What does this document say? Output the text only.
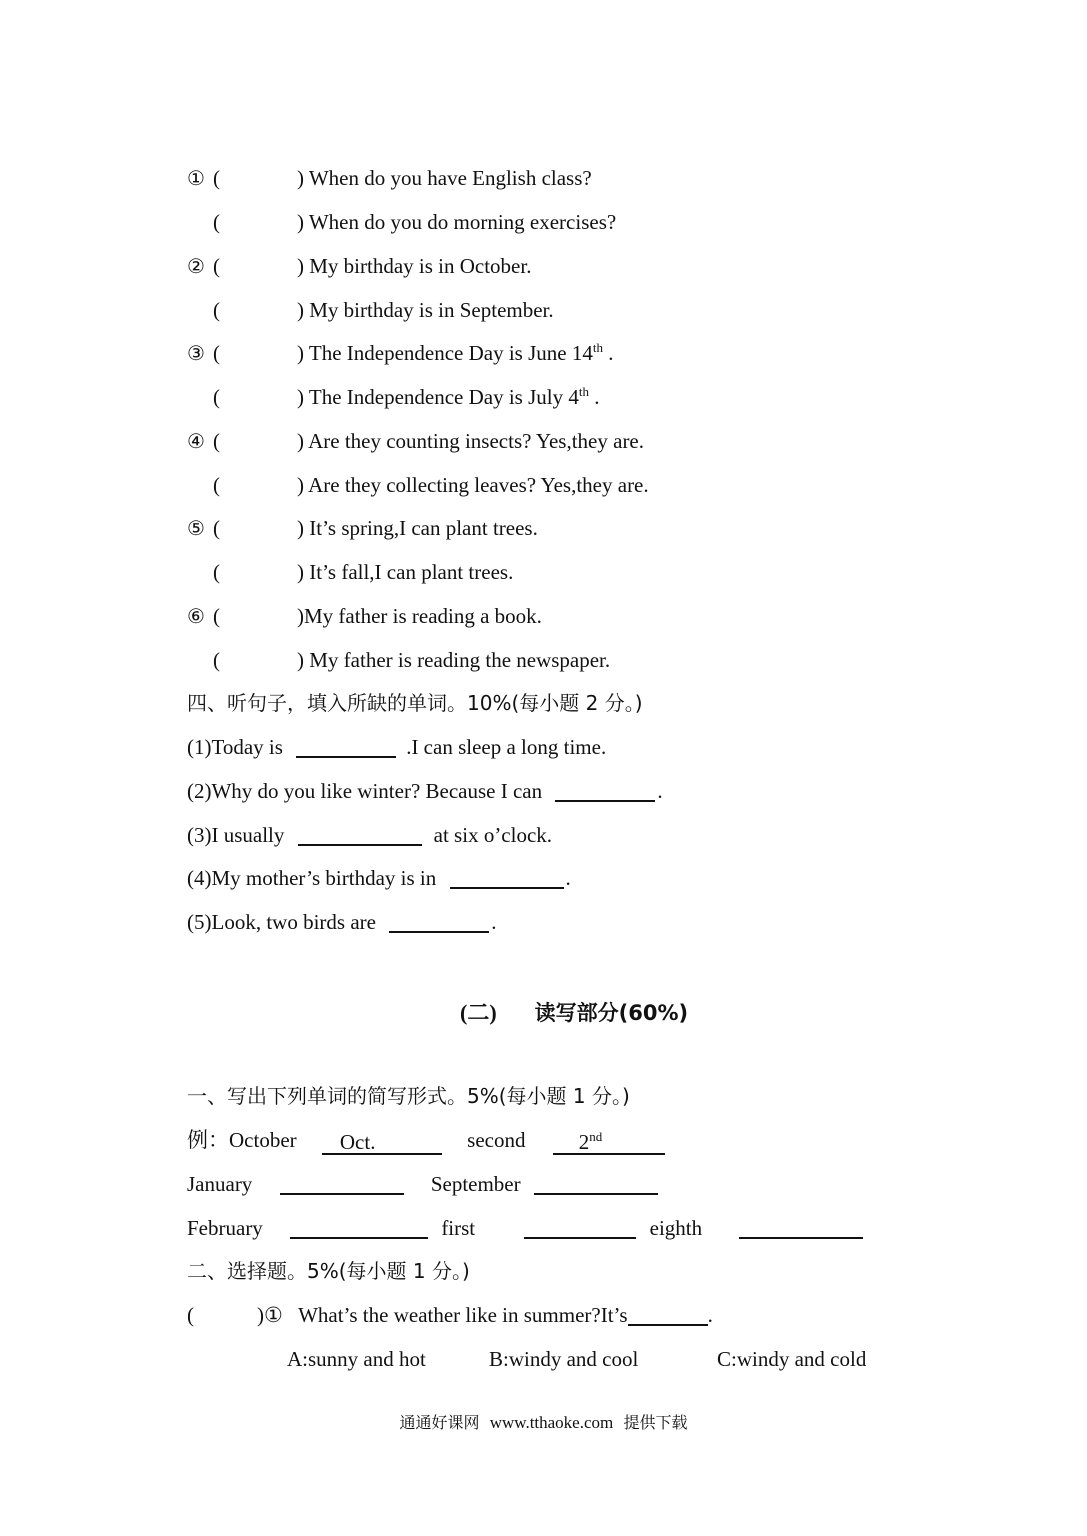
① (	) When do you have English class?
(	) When do you do morning exercises?
② (	) My birthday is in October.
(	) My birthday is in September.
③ (	) The Independence Day is June 14th .
(	) The Independence Day is July 4th .
④ (	) Are they counting insects? Yes,they are.
(	) Are they collecting leaves? Yes,they are.
⑤ (	) It’s spring,I can plant trees.
(	) It’s fall,I can plant trees.
⑥ (	)My father is reading a book.
(	) My father is reading the newspaper.
四、听句子，填入所缺的单词。10%(每小题 2 分。)
(1)Today is	.I can sleep a long time.
(2)Why do you like winter? Because I can	.
(3)I usually	at six o’clock.
(4)My mother’s birthday is in	.
(5)Look, two birds are	.
(二) 读写部分(60%)
一、写出下列单词的简写形式。5%(每小题 1 分。)
例：October Oct.	second	2nd
January	September
February	first	eighth
二、选择题。5%(每小题 1 分。)
(	)① What’s the weather like in summer?It’s	.
A:sunny and hot	B:windy and cool	C:windy and cold
通通好课网 www.tthaoke.com 提供下载
